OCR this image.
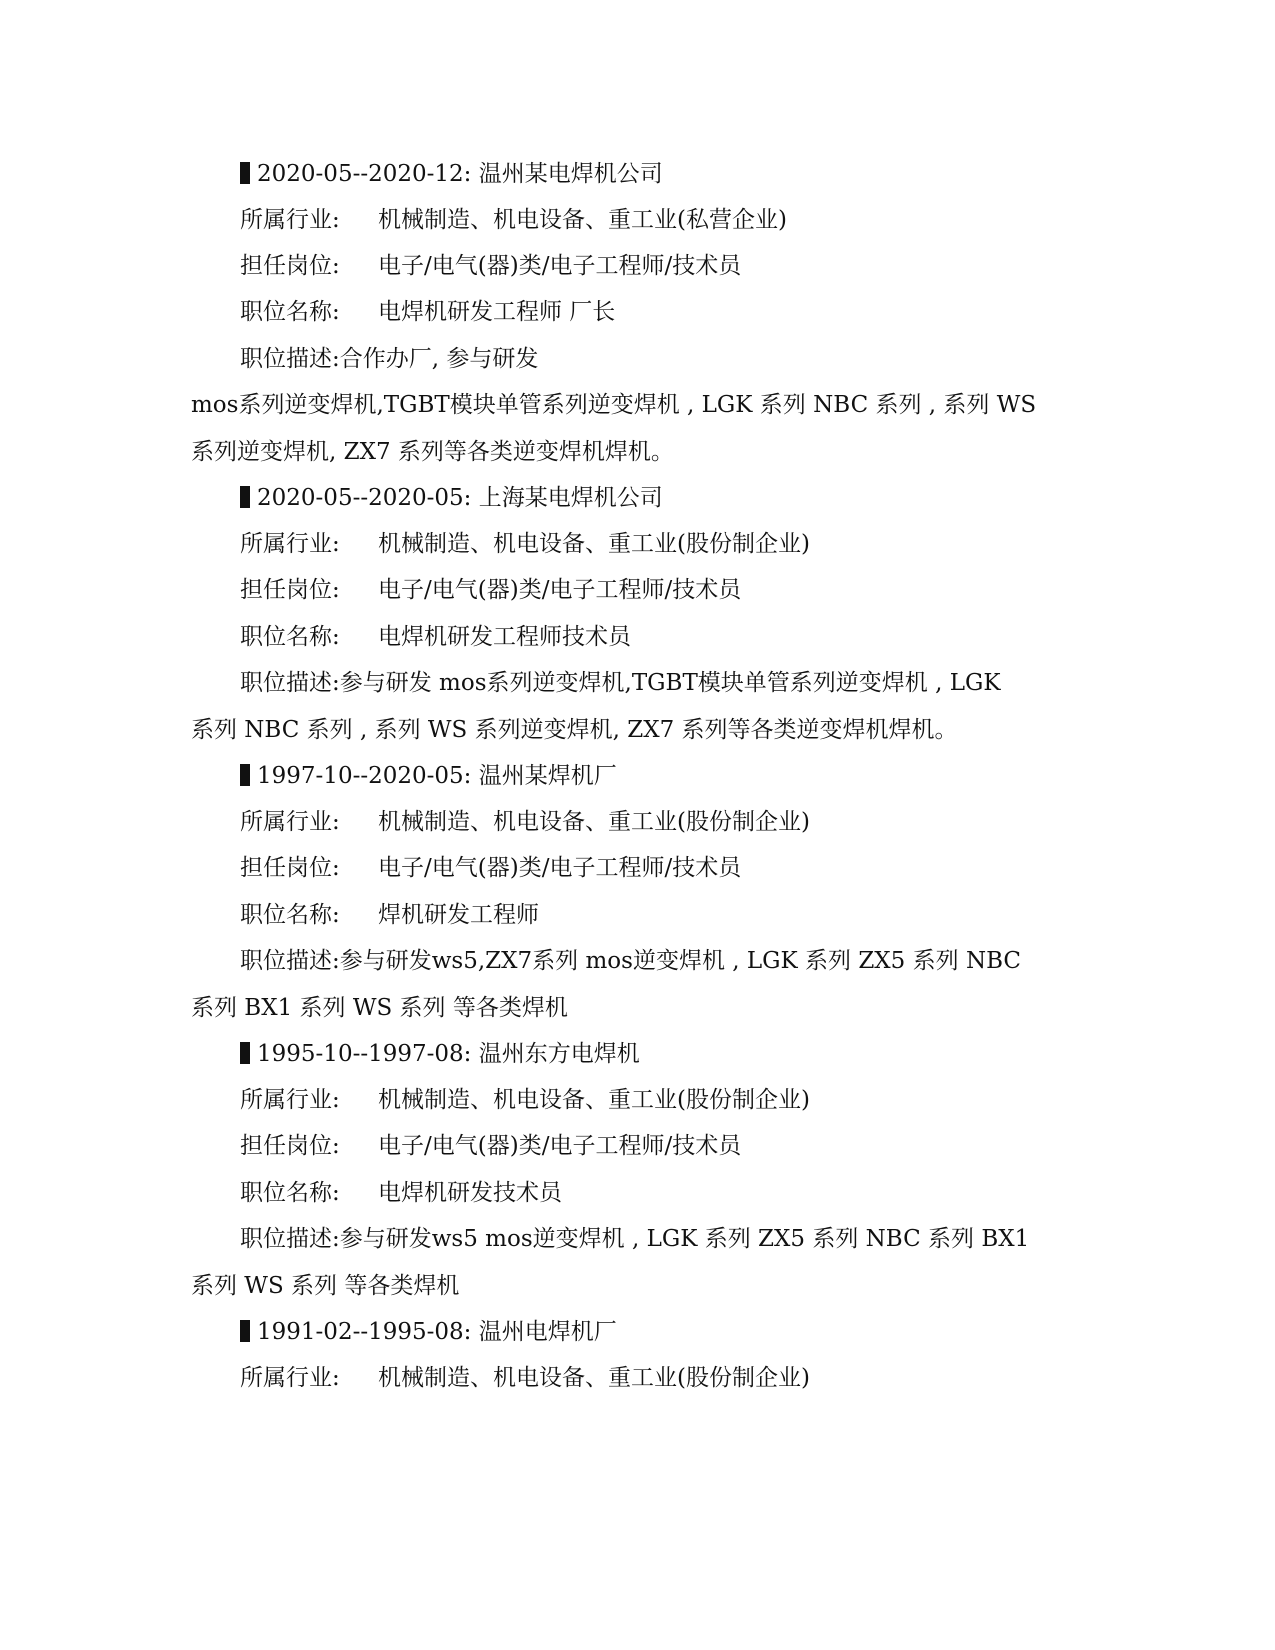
2020-05--2020-12: 温州某电焊机公司
所属行业: 机械制造、机电设备、重工业(私营企业)
担任岗位: 电子/电气(器)类/电子工程师/技术员
职位名称: 电焊机研发工程师 厂长
职位描述:合作办厂, 参与研发
mos系列逆变焊机,TGBT模块单管系列逆变焊机 , LGK 系列 NBC 系列 , 系列 WS
系列逆变焊机, ZX7 系列等各类逆变焊机焊机。
2020-05--2020-05: 上海某电焊机公司
所属行业: 机械制造、机电设备、重工业(股份制企业)
担任岗位: 电子/电气(器)类/电子工程师/技术员
职位名称: 电焊机研发工程师技术员
职位描述:参与研发 mos系列逆变焊机,TGBT模块单管系列逆变焊机 , LGK
系列 NBC 系列 , 系列 WS 系列逆变焊机, ZX7 系列等各类逆变焊机焊机。
1997-10--2020-05: 温州某焊机厂
所属行业: 机械制造、机电设备、重工业(股份制企业)
担任岗位: 电子/电气(器)类/电子工程师/技术员
职位名称: 焊机研发工程师
职位描述:参与研发ws5,ZX7系列 mos逆变焊机 , LGK 系列 ZX5 系列 NBC
系列 BX1 系列 WS 系列 等各类焊机
1995-10--1997-08: 温州东方电焊机
所属行业: 机械制造、机电设备、重工业(股份制企业)
担任岗位: 电子/电气(器)类/电子工程师/技术员
职位名称: 电焊机研发技术员
职位描述:参与研发ws5 mos逆变焊机 , LGK 系列 ZX5 系列 NBC 系列 BX1
系列 WS 系列 等各类焊机
1991-02--1995-08: 温州电焊机厂
所属行业: 机械制造、机电设备、重工业(股份制企业)
